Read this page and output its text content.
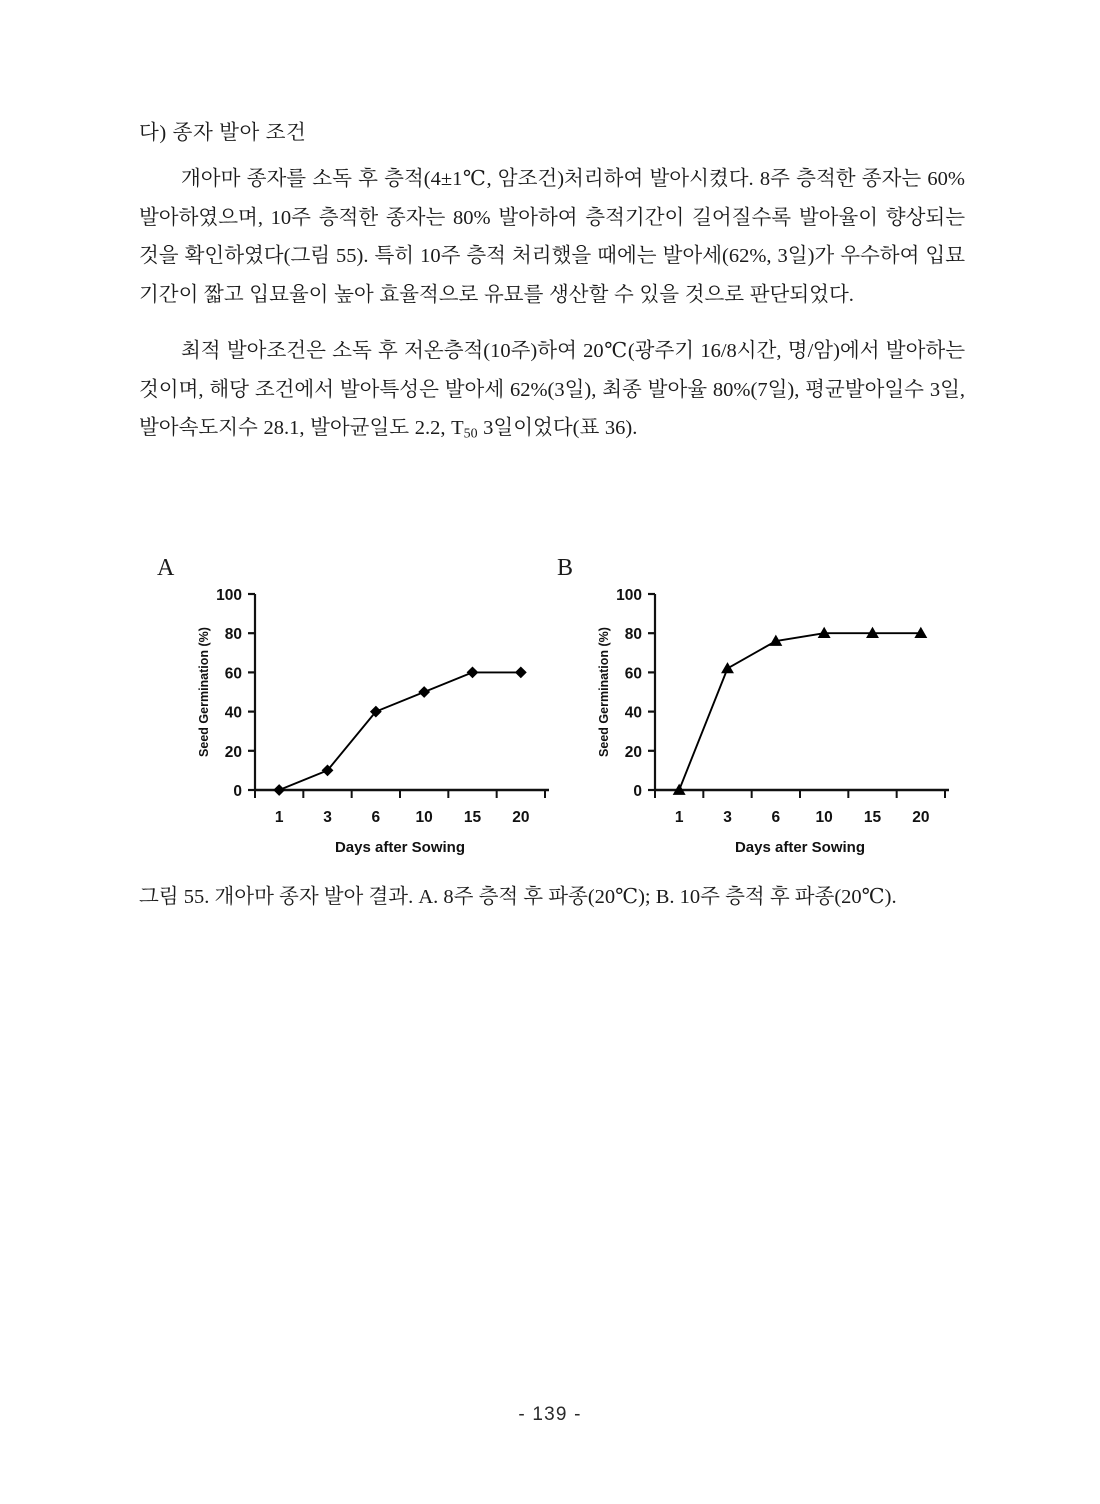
다) 종자 발아 조건

개아마 종자를 소독 후 층적(4±1℃, 암조건)처리하여 발아시켰다. 8주 층적한 종자는 60% 발아하였으며, 10주 층적한 종자는 80% 발아하여 층적기간이 길어질수록 발아율이 향상되는 것을 확인하였다(그림 55). 특히 10주 층적 처리했을 때에는 발아세(62%, 3일)가 우수하여 입묘기간이 짧고 입묘율이 높아 효율적으로 유묘를 생산할 수 있을 것으로 판단되었다.

최적 발아조건은 소독 후 저온층적(10주)하여 20℃(광주기 16/8시간, 명/암)에서 발아하는 것이며, 해당 조건에서 발아특성은 발아세 62%(3일), 최종 발아율 80%(7일), 평균발아일수 3일, 발아속도지수 28.1, 발아균일도 2.2, $T_{50}$ 3일이었다(표 36).

A
0
20
40
60
80
100
1	3	6 10 15 20
Days after Sowing
Seed Germination (%)
B
0
20
40
60
80
100
1	3	6 10 15 20
Days after Sowing
Seed Germination (%)
그림 55. 개아마 종자 발아 결과. A. 8주 층적 후 파종(20℃); B. 10주 층적 후 파종(20℃).
- 139 -
